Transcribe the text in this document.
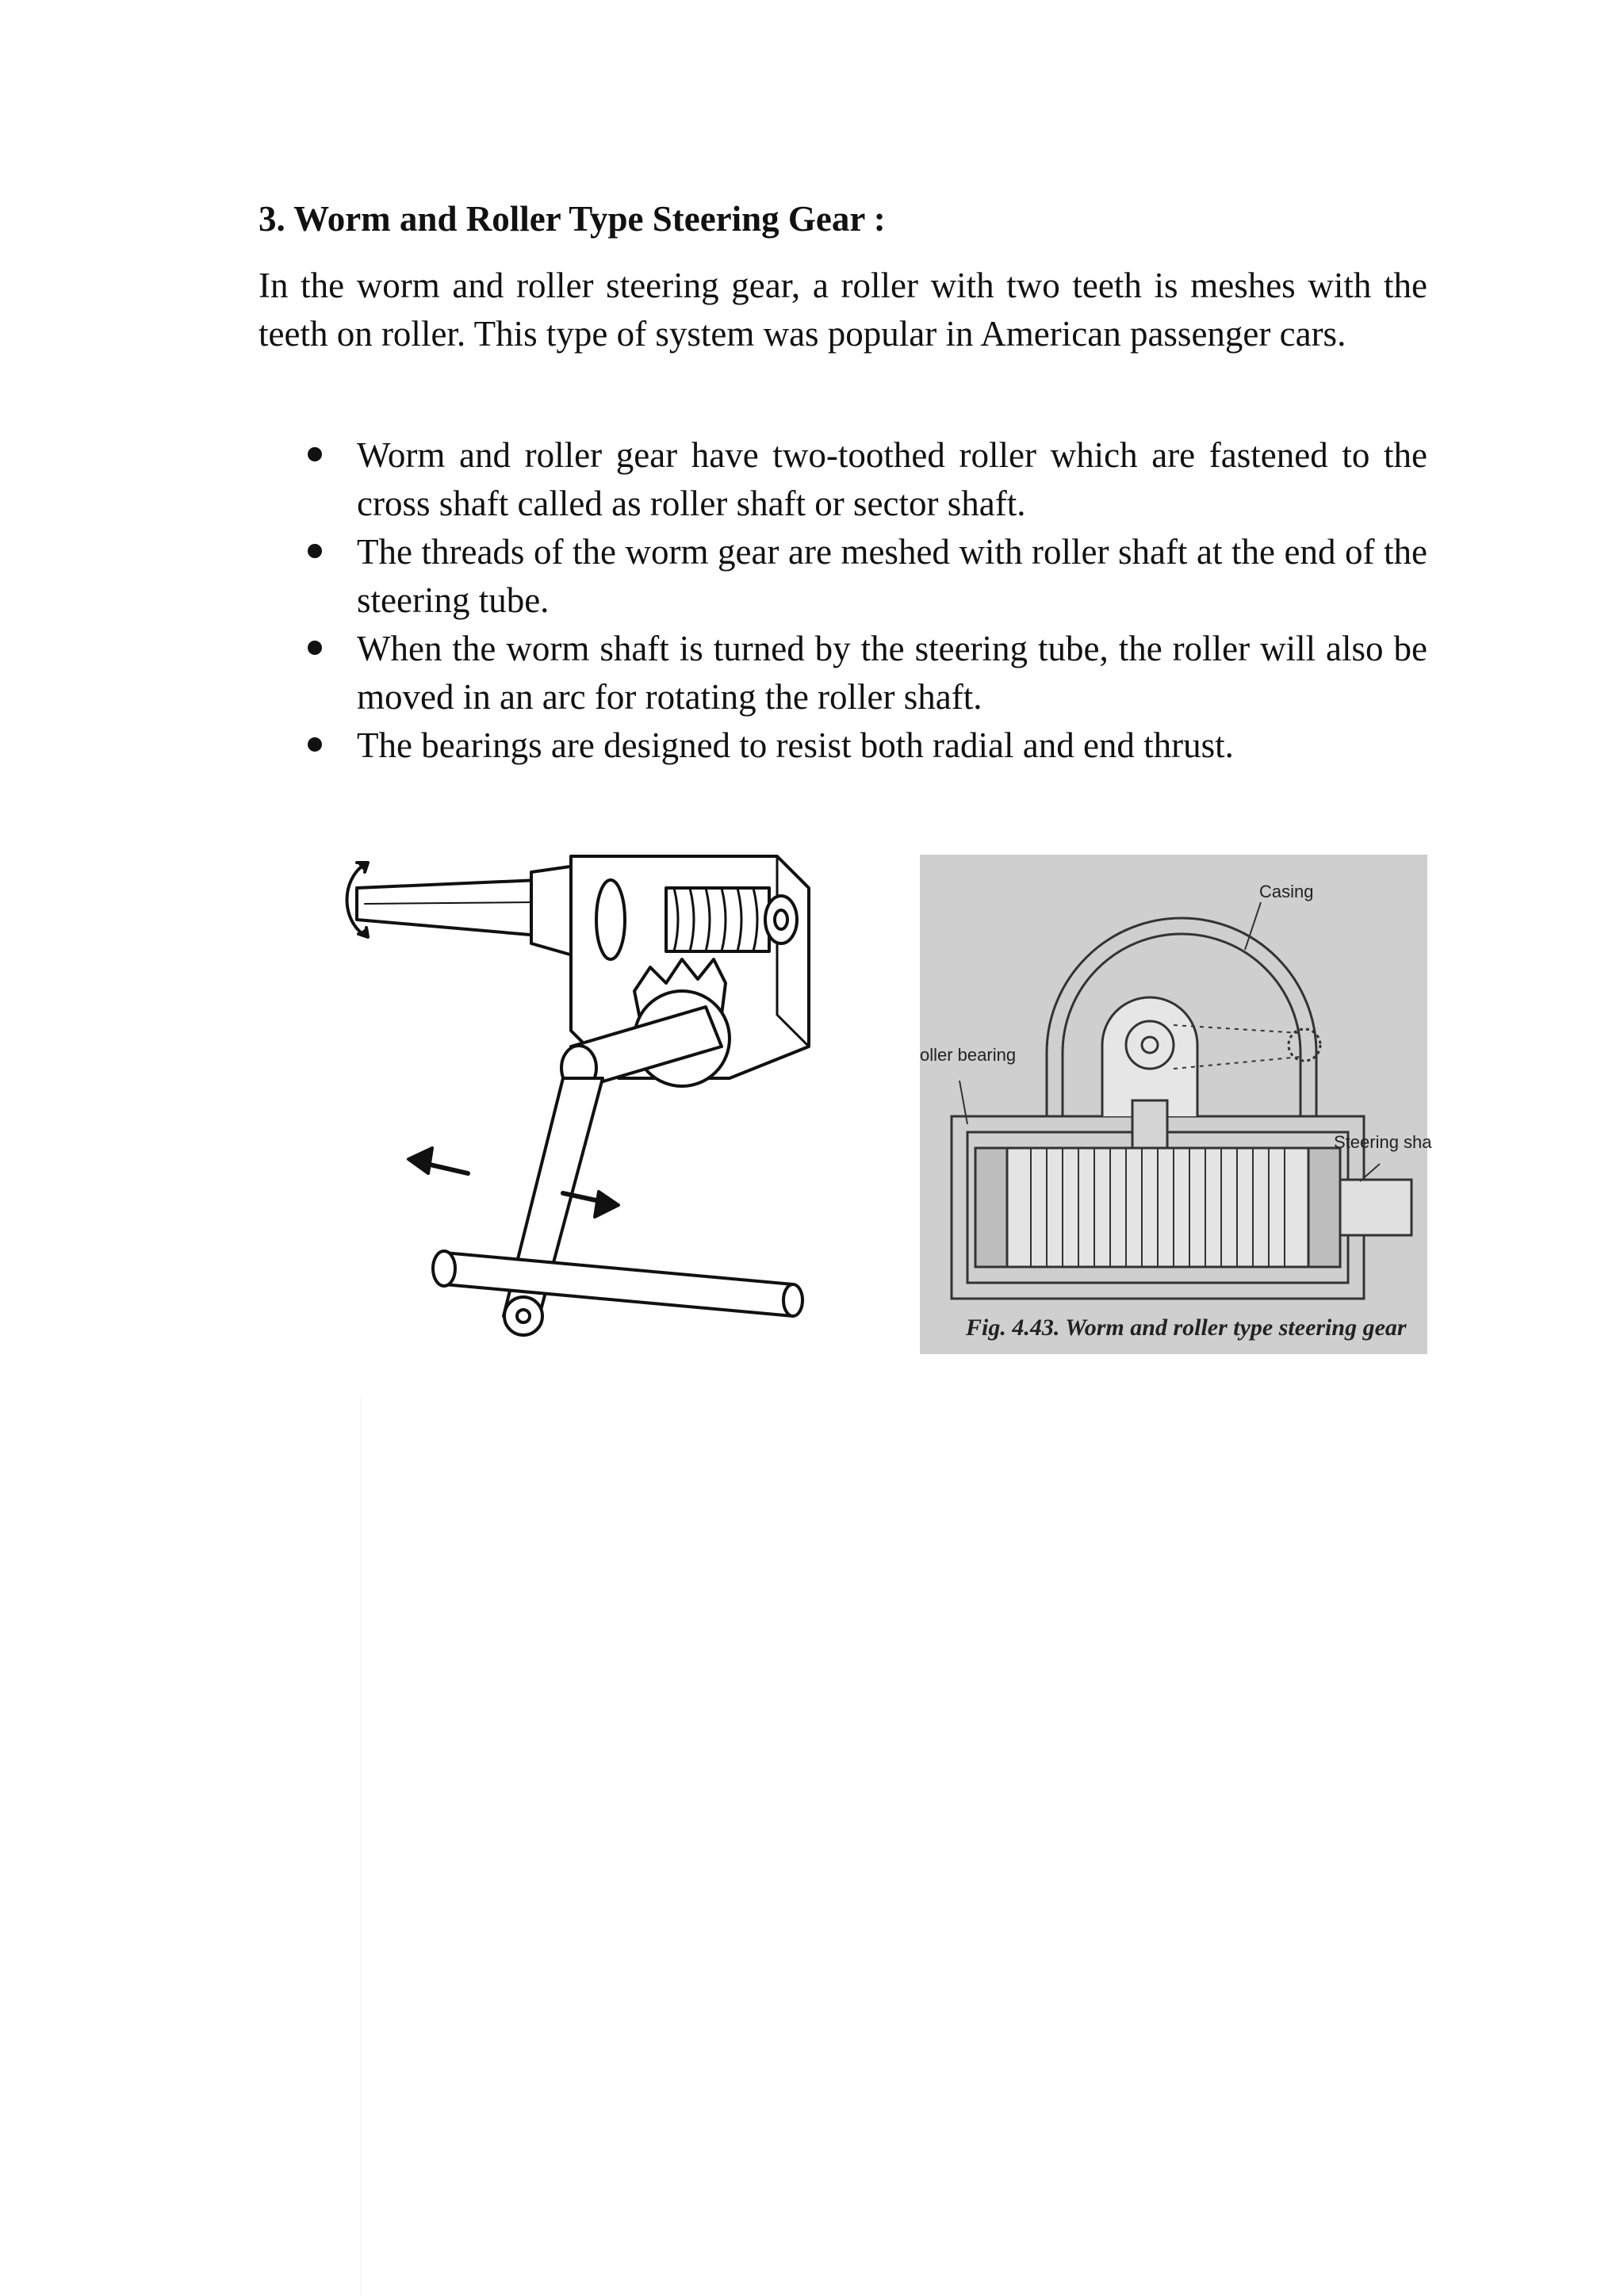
3. Worm and Roller Type Steering Gear :

In the worm and roller steering gear, a roller with two teeth is meshes with the teeth on roller. This type of system was popular in American passenger cars.

Worm and roller gear have two-toothed roller which are fastened to the cross shaft called as roller shaft or sector shaft.
The threads of the worm gear are meshed with roller shaft at the end of the steering tube.
When the worm shaft is turned by the steering tube, the roller will also be moved in an arc for rotating the roller shaft.
The bearings are designed to resist both radial and end thrust.
Casing
oller bearing
Steering sha
Fig. 4.43. Worm and roller type steering gear
